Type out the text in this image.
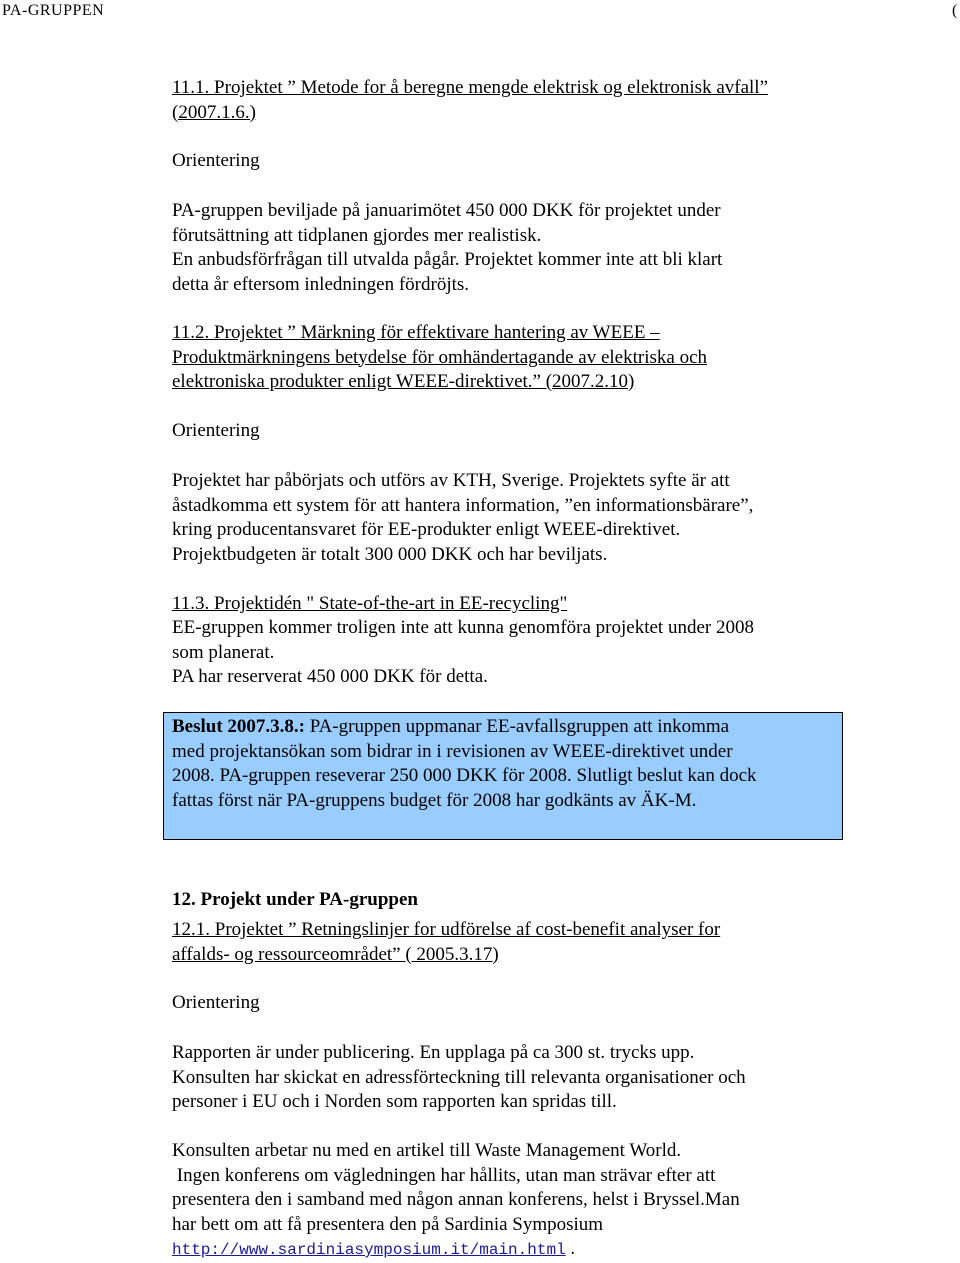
PA-GRUPPEN	(

11.1. Projektet ” Metode for å beregne mengde elektrisk og elektronisk avfall” (2007.1.6.)

Orientering

PA-gruppen beviljade på januarimötet 450 000 DKK för projektet under
förutsättning att tidplanen gjordes mer realistisk.
En anbudsförfrågan till utvalda pågår. Projektet kommer inte att bli klart
detta år eftersom inledningen fördröjts.
11.2. Projektet ” Märkning för effektivare hantering av WEEE –
Produktmärkningens betydelse för omhändertagande av elektriska och
elektroniska produkter enligt WEEE-direktivet.” (2007.2.10)

Orientering

Projektet har påbörjats och utförs av KTH, Sverige. Projektets syfte är att
åstadkomma ett system för att hantera information, ”en informationsbärare”,
kring producentansvaret för EE-produkter enligt WEEE-direktivet.
Projektbudgeten är totalt 300 000 DKK och har beviljats.

11.3. Projektidén " State-of-the-art in EE-recycling"

EE-gruppen kommer troligen inte att kunna genomföra projektet under 2008
som planerat.
PA har reserverat 450 000 DKK för detta.
Beslut 2007.3.8.: PA-gruppen uppmanar EE-avfallsgruppen att inkomma
med projektansökan som bidrar in i revisionen av WEEE-direktivet under
2008. PA-gruppen reseverar 250 000 DKK för 2008. Slutligt beslut kan dock
fattas först när PA-gruppens budget för 2008 har godkänts av ÄK-M.

12. Projekt under PA-gruppen

12.1. Projektet ” Retningslinjer for udförelse af cost-benefit analyser for
affalds- og ressourceområdet” ( 2005.3.17)

Orientering

Rapporten är under publicering. En upplaga på ca 300 st. trycks upp.
Konsulten har skickat en adressförteckning till relevanta organisationer och
personer i EU och i Norden som rapporten kan spridas till.
Konsulten arbetar nu med en artikel till Waste Management World.
Ingen konferens om vägledningen har hållits, utan man strävar efter att
presentera den i samband med någon annan konferens, helst i Bryssel.Man
har bett om att få presentera den på Sardinia Symposium
http://www.sardiniasymposium.it/main.html .
